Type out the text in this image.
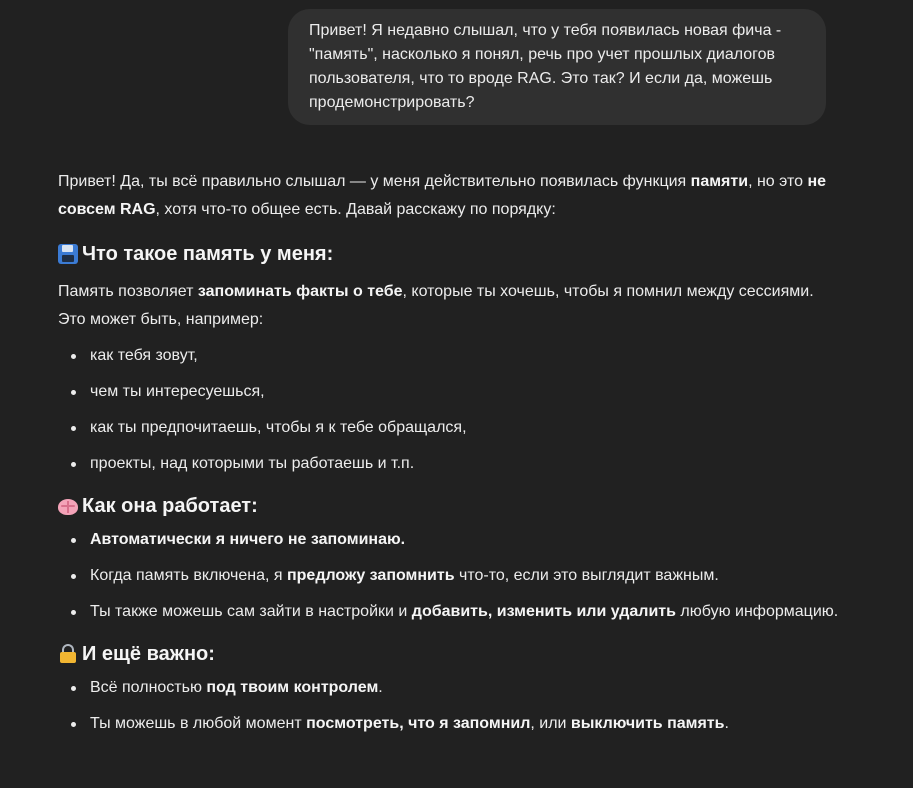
Привет! Я недавно слышал, что у тебя появилась новая фича - "память", насколько я понял, речь про учет прошлых диалогов пользователя, что то вроде RAG. Это так? И если да, можешь продемонстрировать?

Привет! Да, ты всё правильно слышал — у меня действительно появилась функция памяти, но это не совсем RAG, хотя что-то общее есть. Давай расскажу по порядку:

Что такое память у меня:

Память позволяет запоминать факты о тебе, которые ты хочешь, чтобы я помнил между сессиями. Это может быть, например:

как тебя зовут,
чем ты интересуешься,
как ты предпочитаешь, чтобы я к тебе обращался,
проекты, над которыми ты работаешь и т.п.
Как она работает:
Автоматически я ничего не запоминаю.
Когда память включена, я предложу запомнить что-то, если это выглядит важным.
Ты также можешь сам зайти в настройки и добавить, изменить или удалить любую информацию.
И ещё важно:
Всё полностью под твоим контролем.
Ты можешь в любой момент посмотреть, что я запомнил, или выключить память.
